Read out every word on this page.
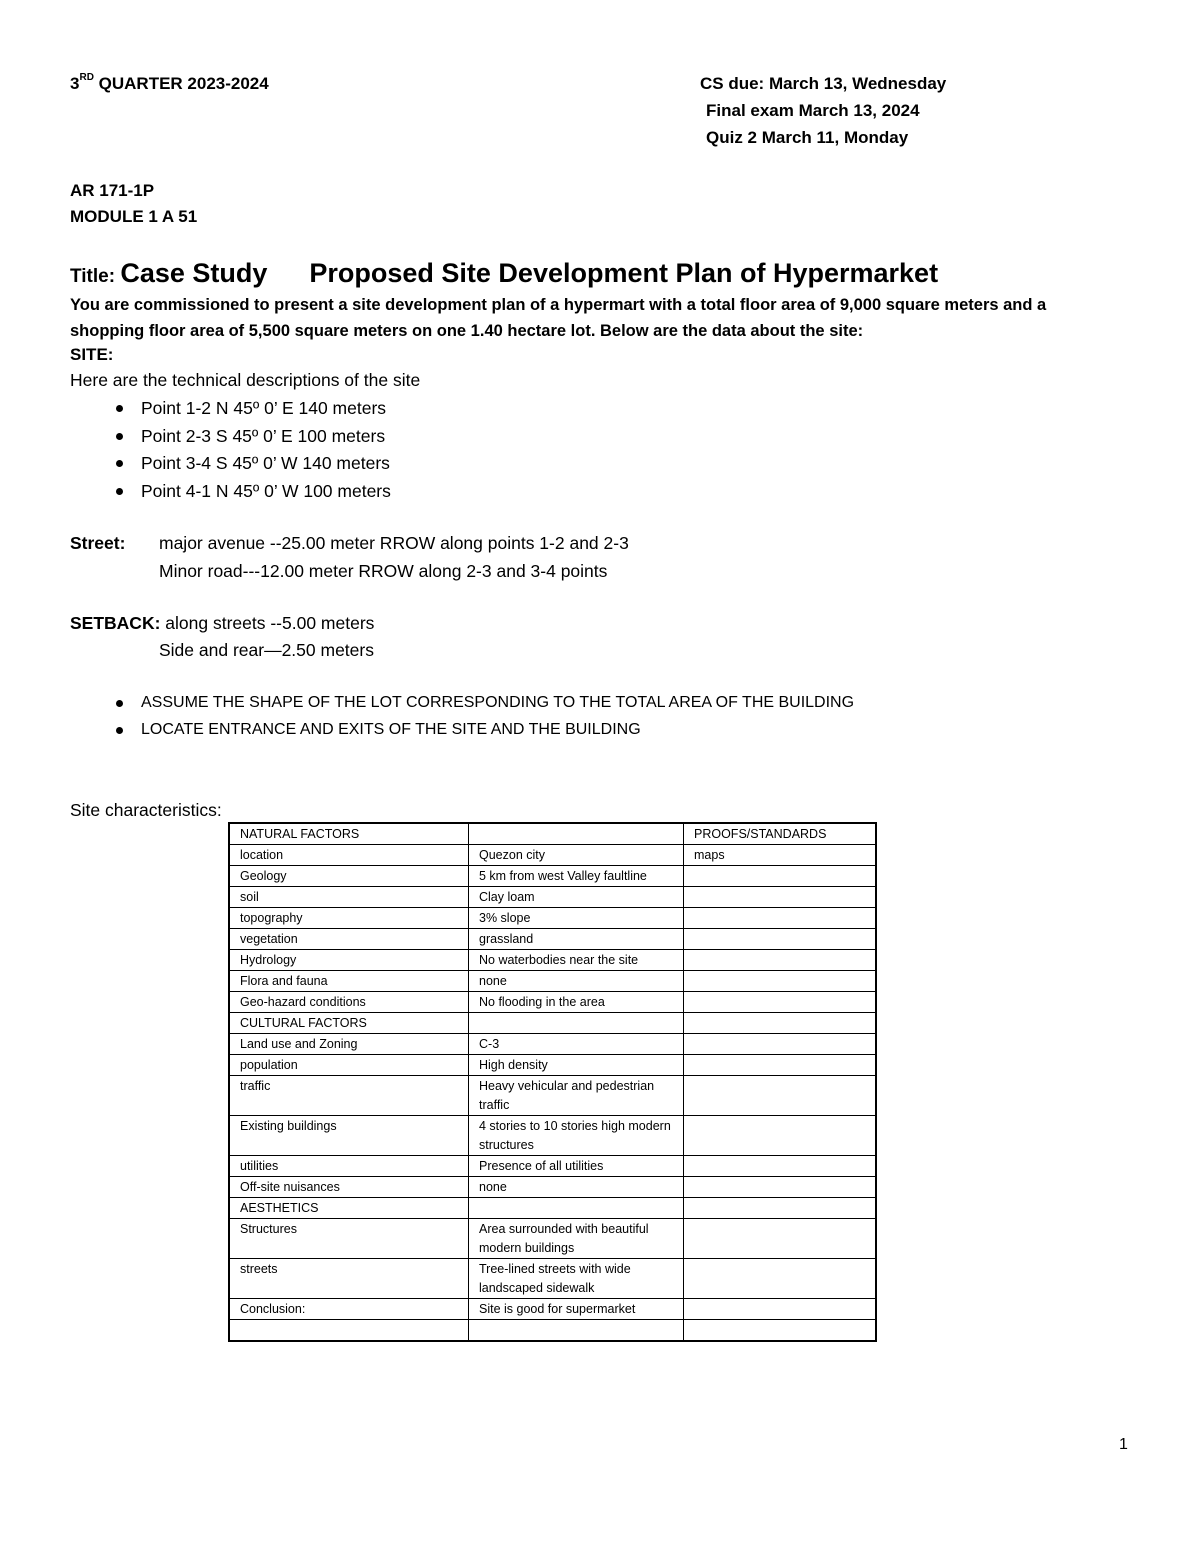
3RD QUARTER 2023-2024	CS due: March 13, Wednesday
Final exam March 13, 2024
Quiz 2 March 11, Monday
AR 171-1P
MODULE 1 A 51
Title: Case Study Proposed Site Development Plan of Hypermarket
You are commissioned to present a site development plan of a hypermart with a total floor area of 9,000 square meters and a
shopping floor area of 5,500 square meters on one 1.40 hectare lot. Below are the data about the site:
SITE:
Here are the technical descriptions of the site
Point 1-2 N 45º 0’ E 140 meters
Point 2-3 S 45º 0’ E 100 meters
Point 3-4 S 45º 0’ W 140 meters
Point 4-1 N 45º 0’ W 100 meters
Street: major avenue --25.00 meter RROW along points 1-2 and 2-3
Minor road---12.00 meter RROW along 2-3 and 3-4 points
SETBACK: along streets --5.00 meters
Side and rear—2.50 meters
ASSUME THE SHAPE OF THE LOT CORRESPONDING TO THE TOTAL AREA OF THE BUILDING
LOCATE ENTRANCE AND EXITS OF THE SITE AND THE BUILDING
Site characteristics:
NATURAL FACTORS		PROOFS/STANDARDS
location	Quezon city	maps
Geology	5 km from west Valley faultline	
soil	Clay loam	
topography	3% slope	
vegetation	grassland	
Hydrology	No waterbodies near the site	
Flora and fauna	none	
Geo-hazard conditions	No flooding in the area	
CULTURAL FACTORS		
Land use and Zoning	C-3	
population	High density	
traffic	Heavy vehicular and pedestrian traffic	
Existing buildings	4 stories to 10 stories high modern structures	
utilities	Presence of all utilities	
Off-site nuisances	none	
AESTHETICS		
Structures	Area surrounded with beautiful modern buildings	
streets	Tree-lined streets with wide landscaped sidewalk	
Conclusion:	Site is good for supermarket	

1
